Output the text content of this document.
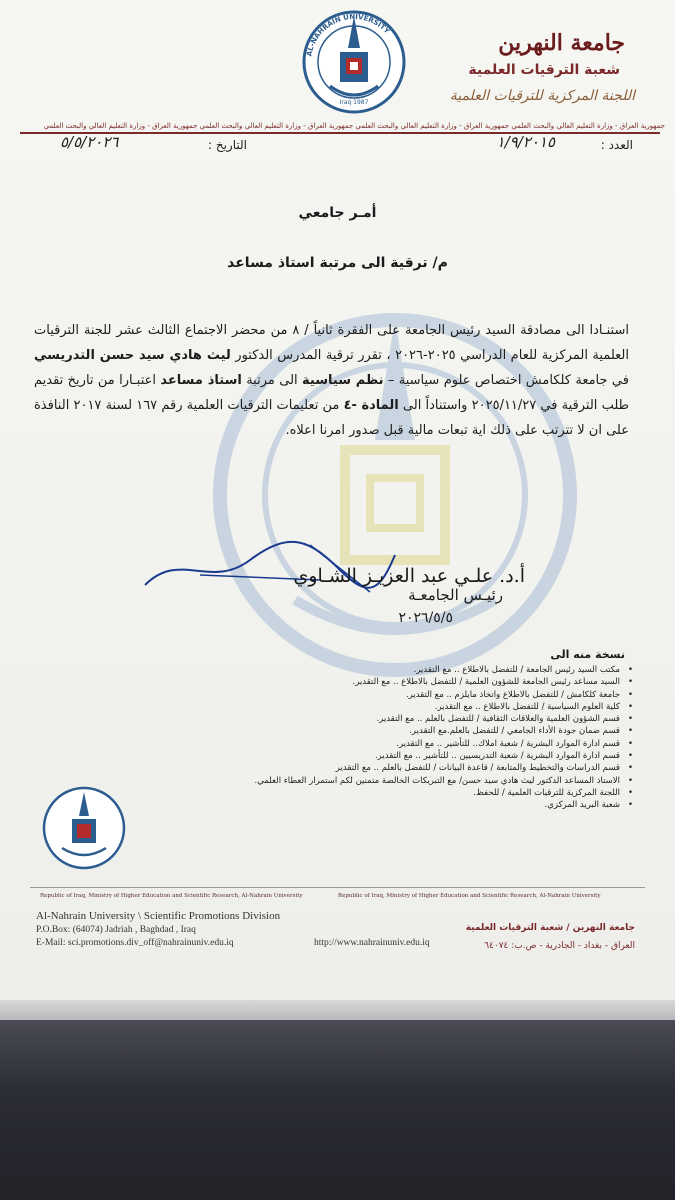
جامعة النهرين
شعبة الترقيات العلمية
اللجنة المركزية للترقيات العلمية
AL-NAHRAIN UNIVERSITY
Iraq 1987
جمهورية العراق - وزارة التعليم العالي والبحث العلمي جمهورية العراق - وزارة التعليم العالي والبحث العلمي جمهورية العراق - وزارة التعليم العالي والبحث العلمي جمهورية العراق - وزارة التعليم العالي والبحث العلمي
العدد :
١/٩/٢٠١٥
التاريخ :
٥/٥/٢٠٢٦
أمـر جامعي
م/ ترقية الى مرتبة استاذ مساعد
استنـادا الى مصادقة السيد رئيس الجامعة على الفقرة ثانياً / ٨ من محضر الاجتماع الثالث عشر للجنة الترقيات العلمية المركزية للعام الدراسي ٢٠٢٥-٢٠٢٦ ، تقرر ترقية المدرس الدكتور ليث هادي سيد حسن التدريسي في جامعة كلكامش اختصاص علوم سياسية – نظم سياسية الى مرتبة استاذ مساعد اعتبـارا من تاريخ تقديم طلب الترقية في ٢٠٢٥/١١/٢٧ واستناداً الى المادة -٤ من تعليمات الترقيات العلمية رقم ١٦٧ لسنة ٢٠١٧ النافذة على ان لا تترتب على ذلك اية تبعات مالية قبل صدور امرنا اعلاه.
أ.د. علـي عبد العزيـز الشـاوي
رئيـس الجامعـة
٢٠٢٦/٥/٥
نسخة منه الى
• مكتب السيد رئيس الجامعة / للتفضل بالاطلاع .. مع التقدير.
• السيد مساعد رئيس الجامعة للشؤون العلمية / للتفضل بالاطلاع .. مع التقدير.
• جامعة كلكامش / للتفضل بالاطلاع واتخاذ مايلزم .. مع التقدير.
• كلية العلوم السياسية / للتفضل بالاطلاع .. مع التقدير.
• قسم الشؤون العلمية والعلاقات الثقافية / للتفضل بالعلم .. مع التقدير.
• قسم ضمان جودة الأداء الجامعي / للتفضل بالعلم.مع التقدير.
• قسم ادارة الموارد البشرية / شعبة املاك.. للتأشير .. مع التقدير.
• قسم ادارة الموارد البشرية / شعبة التدريسيين .. للتأشير .. مع التقدير.
• قسم الدراسات والتخطيط والمتابعة / قاعدة البيانات / للتفضل بالعلم .. مع التقدير
• الاستاذ المساعد الدكتور ليث هادي سيد حسن/ مع التبريكات الخالصة متمنين لكم استمرار العطاء العلمي.
• اللجنة المركزية للترقيات العلمية / للحفظ.
• شعبة البريد المركزي.
Republic of Iraq, Ministry of Higher Education and Scientific Research, Al-Nahrain University	Republic of Iraq, Ministry of Higher Education and Scientific Research, Al-Nahrain University
Al-Nahrain University \ Scientific Promotions Division
P.O.Box: (64074) Jadriah , Baghdad , Iraq
E-Mail: sci.promotions.div_off@nahrainuniv.edu.iq	http://www.nahrainuniv.edu.iq
جامعة النهرين / شعبة الترقيات العلمية
العراق - بغداد - الجادرية - ص.ب: ٦٤٠٧٤
